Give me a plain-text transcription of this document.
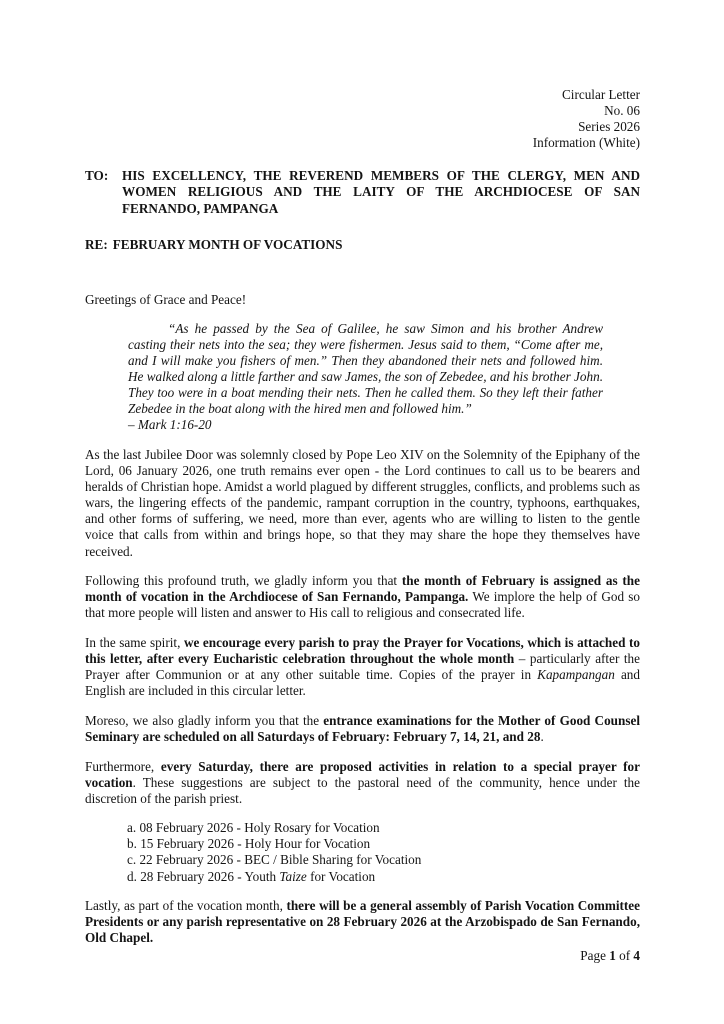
Circular Letter
No. 06
Series 2026
Information (White)
TO:	HIS EXCELLENCY, THE REVEREND MEMBERS OF THE CLERGY, MEN AND WOMEN RELIGIOUS AND THE LAITY OF THE ARCHDIOCESE OF SAN FERNANDO, PAMPANGA
RE: FEBRUARY MONTH OF VOCATIONS

Greetings of Grace and Peace!

“As he passed by the Sea of Galilee, he saw Simon and his brother Andrew casting their nets into the sea; they were fishermen. Jesus said to them, “Come after me, and I will make you fishers of men.” Then they abandoned their nets and followed him. He walked along a little farther and saw James, the son of Zebedee, and his brother John. They too were in a boat mending their nets. Then he called them. So they left their father Zebedee in the boat along with the hired men and followed him.”

– Mark 1:16-20

As the last Jubilee Door was solemnly closed by Pope Leo XIV on the Solemnity of the Epiphany of the Lord, 06 January 2026, one truth remains ever open - the Lord continues to call us to be bearers and heralds of Christian hope. Amidst a world plagued by different struggles, conflicts, and problems such as wars, the lingering effects of the pandemic, rampant corruption in the country, typhoons, earthquakes, and other forms of suffering, we need, more than ever, agents who are willing to listen to the gentle voice that calls from within and brings hope, so that they may share the hope they themselves have received.

Following this profound truth, we gladly inform you that the month of February is assigned as the month of vocation in the Archdiocese of San Fernando, Pampanga. We implore the help of God so that more people will listen and answer to His call to religious and consecrated life.

In the same spirit, we encourage every parish to pray the Prayer for Vocations, which is attached to this letter, after every Eucharistic celebration throughout the whole month – particularly after the Prayer after Communion or at any other suitable time. Copies of the prayer in Kapampangan and English are included in this circular letter.

Moreso, we also gladly inform you that the entrance examinations for the Mother of Good Counsel Seminary are scheduled on all Saturdays of February: February 7, 14, 21, and 28.

Furthermore, every Saturday, there are proposed activities in relation to a special prayer for vocation. These suggestions are subject to the pastoral need of the community, hence under the discretion of the parish priest.

a. 08 February 2026 - Holy Rosary for Vocation

b. 15 February 2026 - Holy Hour for Vocation

c. 22 February 2026 - BEC / Bible Sharing for Vocation

d. 28 February 2026 - Youth Taize for Vocation

Lastly, as part of the vocation month, there will be a general assembly of Parish Vocation Committee Presidents or any parish representative on 28 February 2026 at the Arzobispado de San Fernando, Old Chapel.

Page 1 of 4
